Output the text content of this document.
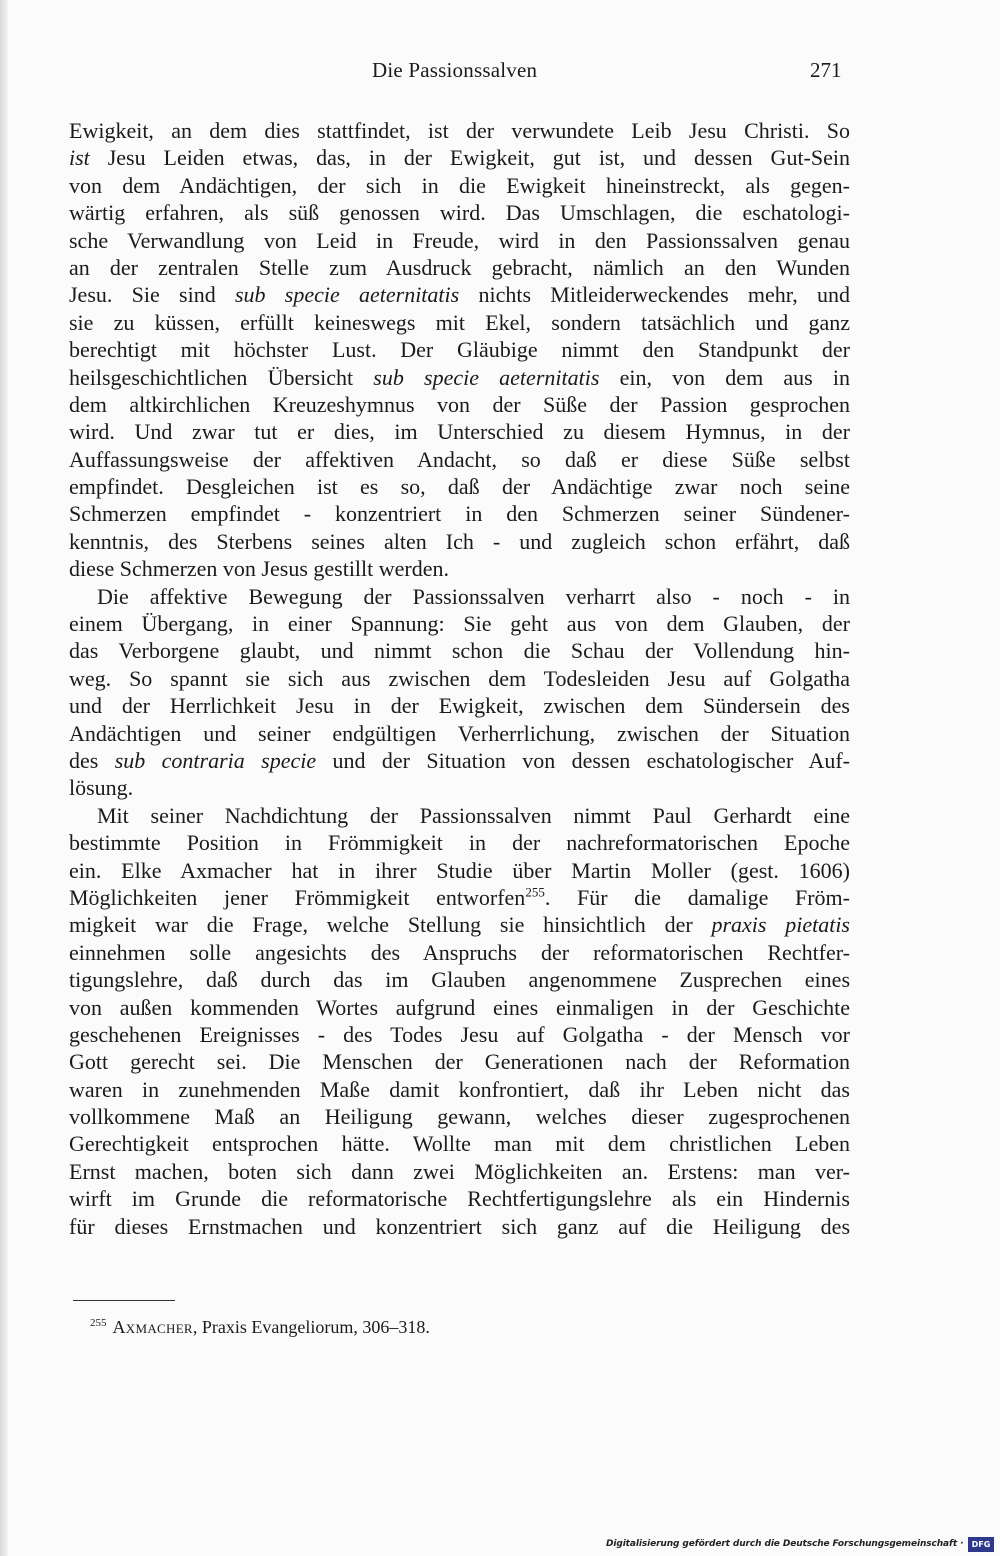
Die Passionssalven	271
Ewigkeit, an dem dies stattfindet, ist der verwundete Leib Jesu Christi. So
ist Jesu Leiden etwas, das, in der Ewigkeit, gut ist, und dessen Gut-Sein
von dem Andächtigen, der sich in die Ewigkeit hineinstreckt, als gegen-
wärtig erfahren, als süß genossen wird. Das Umschlagen, die eschatologi-
sche Verwandlung von Leid in Freude, wird in den Passionssalven genau
an der zentralen Stelle zum Ausdruck gebracht, nämlich an den Wunden
Jesu. Sie sind sub specie aeternitatis nichts Mitleiderweckendes mehr, und
sie zu küssen, erfüllt keineswegs mit Ekel, sondern tatsächlich und ganz
berechtigt mit höchster Lust. Der Gläubige nimmt den Standpunkt der
heilsgeschichtlichen Übersicht sub specie aeternitatis ein, von dem aus in
dem altkirchlichen Kreuzeshymnus von der Süße der Passion gesprochen
wird. Und zwar tut er dies, im Unterschied zu diesem Hymnus, in der
Auffassungsweise der affektiven Andacht, so daß er diese Süße selbst
empfindet. Desgleichen ist es so, daß der Andächtige zwar noch seine
Schmerzen empfindet - konzentriert in den Schmerzen seiner Sündener-
kenntnis, des Sterbens seines alten Ich - und zugleich schon erfährt, daß
diese Schmerzen von Jesus gestillt werden.
Die affektive Bewegung der Passionssalven verharrt also - noch - in
einem Übergang, in einer Spannung: Sie geht aus von dem Glauben, der
das Verborgene glaubt, und nimmt schon die Schau der Vollendung hin-
weg. So spannt sie sich aus zwischen dem Todesleiden Jesu auf Golgatha
und der Herrlichkeit Jesu in der Ewigkeit, zwischen dem Sündersein des
Andächtigen und seiner endgültigen Verherrlichung, zwischen der Situation
des sub contraria specie und der Situation von dessen eschatologischer Auf-
lösung.
Mit seiner Nachdichtung der Passionssalven nimmt Paul Gerhardt eine
bestimmte Position in Frömmigkeit in der nachreformatorischen Epoche
ein. Elke Axmacher hat in ihrer Studie über Martin Moller (gest. 1606)
Möglichkeiten jener Frömmigkeit entworfen$^{255}$. Für die damalige Fröm-
migkeit war die Frage, welche Stellung sie hinsichtlich der praxis pietatis
einnehmen solle angesichts des Anspruchs der reformatorischen Rechtfer-
tigungslehre, daß durch das im Glauben angenommene Zusprechen eines
von außen kommenden Wortes aufgrund eines einmaligen in der Geschichte
geschehenen Ereignisses - des Todes Jesu auf Golgatha - der Mensch vor
Gott gerecht sei. Die Menschen der Generationen nach der Reformation
waren in zunehmenden Maße damit konfrontiert, daß ihr Leben nicht das
vollkommene Maß an Heiligung gewann, welches dieser zugesprochenen
Gerechtigkeit entsprochen hätte. Wollte man mit dem christlichen Leben
Ernst machen, boten sich dann zwei Möglichkeiten an. Erstens: man ver-
wirft im Grunde die reformatorische Rechtfertigungslehre als ein Hindernis
für dieses Ernstmachen und konzentriert sich ganz auf die Heiligung des
$^{255}$ Axmacher, Praxis Evangeliorum, 306–318.
Digitalisierung gefördert durch die Deutsche Forschungsgemeinschaft ·	DFG
